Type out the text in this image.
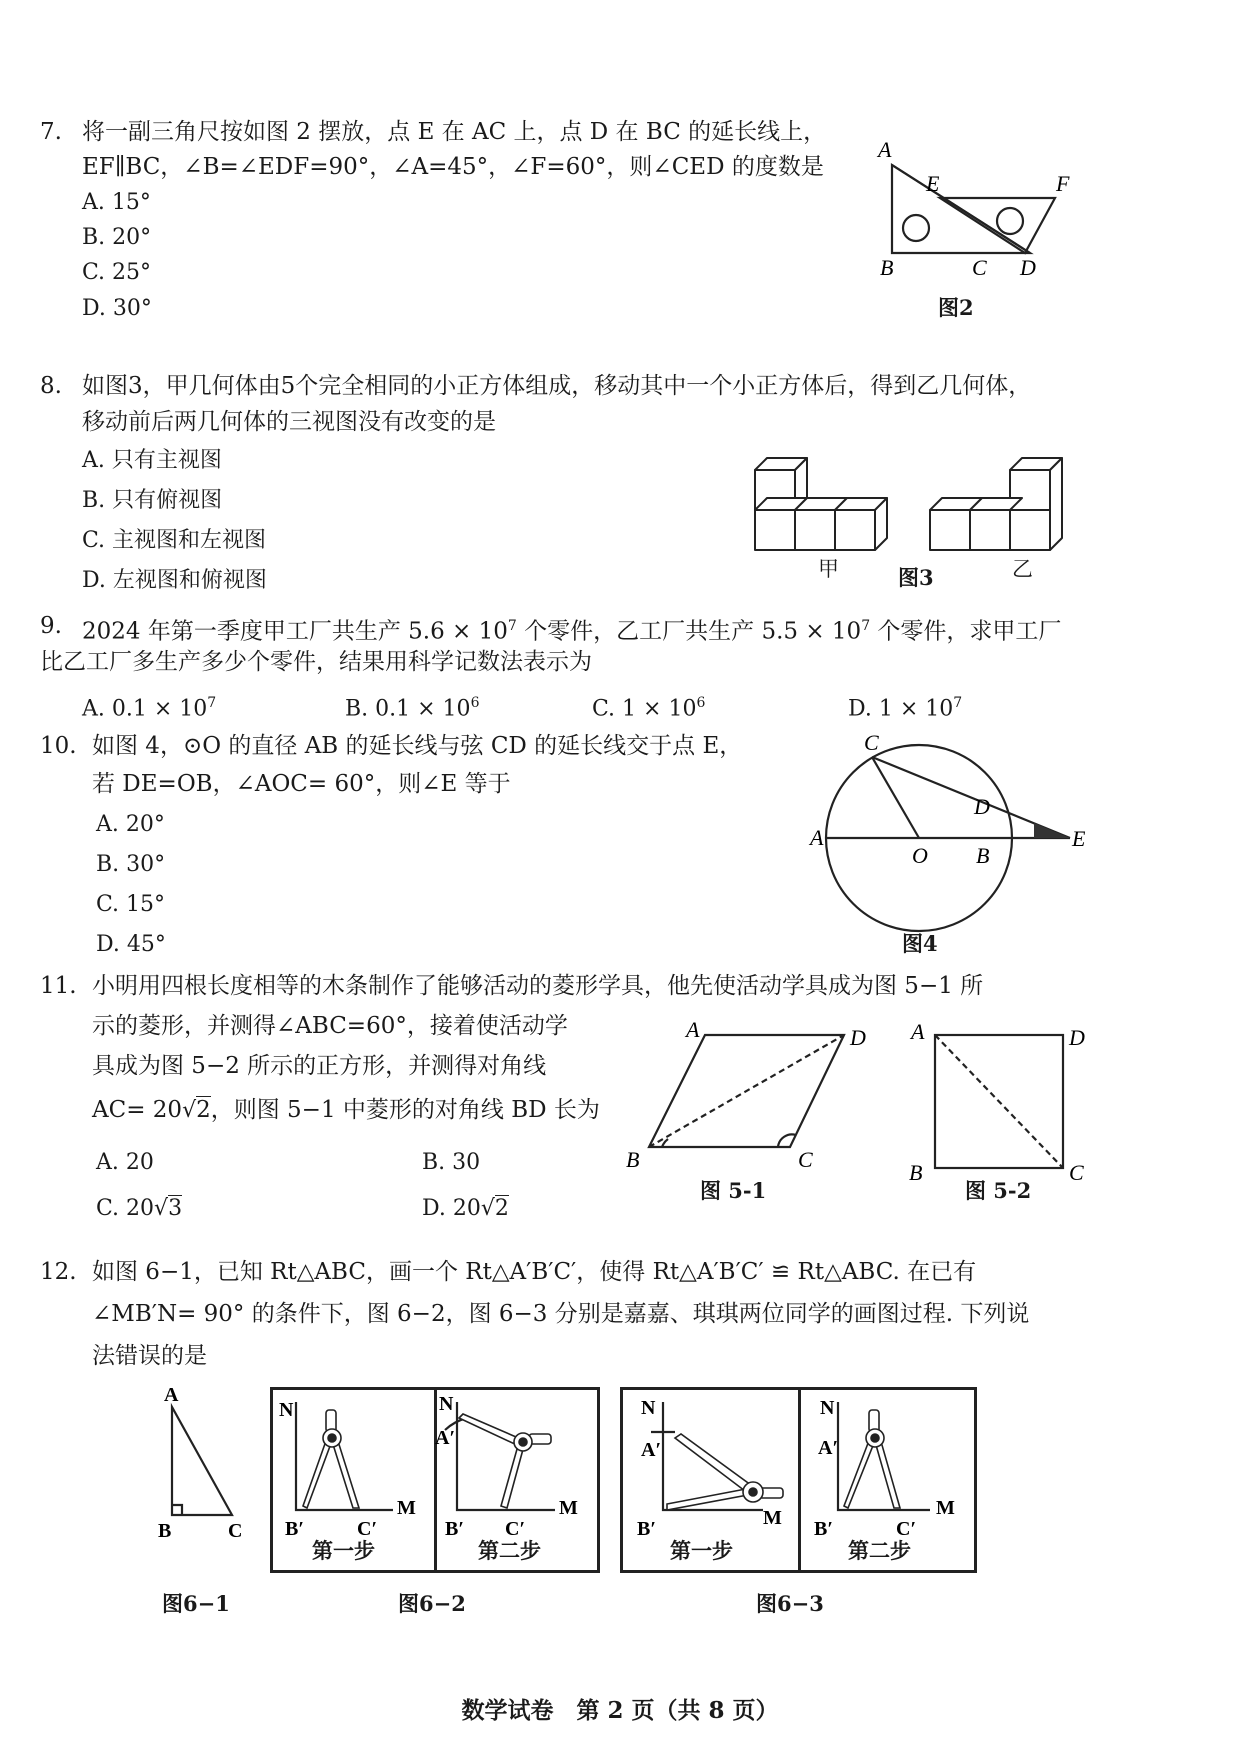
7. 将一副三角尺按如图 2 摆放，点 E 在 AC 上，点 D 在 BC 的延长线上，
EF∥BC，∠B=∠EDF=90°，∠A=45°，∠F=60°，则∠CED 的度数是
A. 15°
B. 20°
C. 25°
D. 30°
A
E	F
B	C D
图2
8. 如图3，甲几何体由5个完全相同的小正方体组成，移动其中一个小正方体后，得到乙几何体，
移动前后两几何体的三视图没有改变的是
A. 只有主视图
B. 只有俯视图
C. 主视图和左视图
D. 左视图和俯视图	甲	图3	乙
9. 2024 年第一季度甲工厂共生产 $5.6 \times 10^7$ 个零件，乙工厂共生产 $5.5 \times 10^7$ 个零件，求甲工厂
比乙工厂多生产多少个零件，结果用科学记数法表示为
A. $0.1 \times 10^7$	B. $0.1 \times 10^6$	C. $1 \times 10^6$	D. $1 \times 10^7$
10. 如图 4，⊙O 的直径 AB 的延长线与弦 CD 的延长线交于点 E，
若 DE=OB，∠AOC= 60°，则∠E 等于
A. 20°
B. 30°
C. 15°
D. 45°
C
D
A
O B
E
图4
11. 小明用四根长度相等的木条制作了能够活动的菱形学具，他先使活动学具成为图 5−1 所
示的菱形，并测得∠ABC=60°，接着使活动学
具成为图 5−2 所示的正方形，并测得对角线
AC= 20√2，则图 5−1 中菱形的对角线 BD 长为
A. 20	B. 30
C. 20√3	D. 20√2
A	D
B	C
图 5-1
A	D
B	C
图 5-2
12. 如图 6−1，已知 Rt△ABC，画一个 Rt△A′B′C′，使得 Rt△A′B′C′ ≌ Rt△ABC. 在已有
∠MB′N= 90° 的条件下，图 6−2，图 6−3 分别是嘉嘉、琪琪两位同学的画图过程. 下列说
法错误的是
A
B	C
图6−1
N
B′	C′
M
第一步
N
A′
B′ C′
M
第二步
图6−2
N
A′
B′	M
第一步
N
A′
B′	C′
M
第二步
图6−3
数学试卷　第 2 页（共 8 页）
